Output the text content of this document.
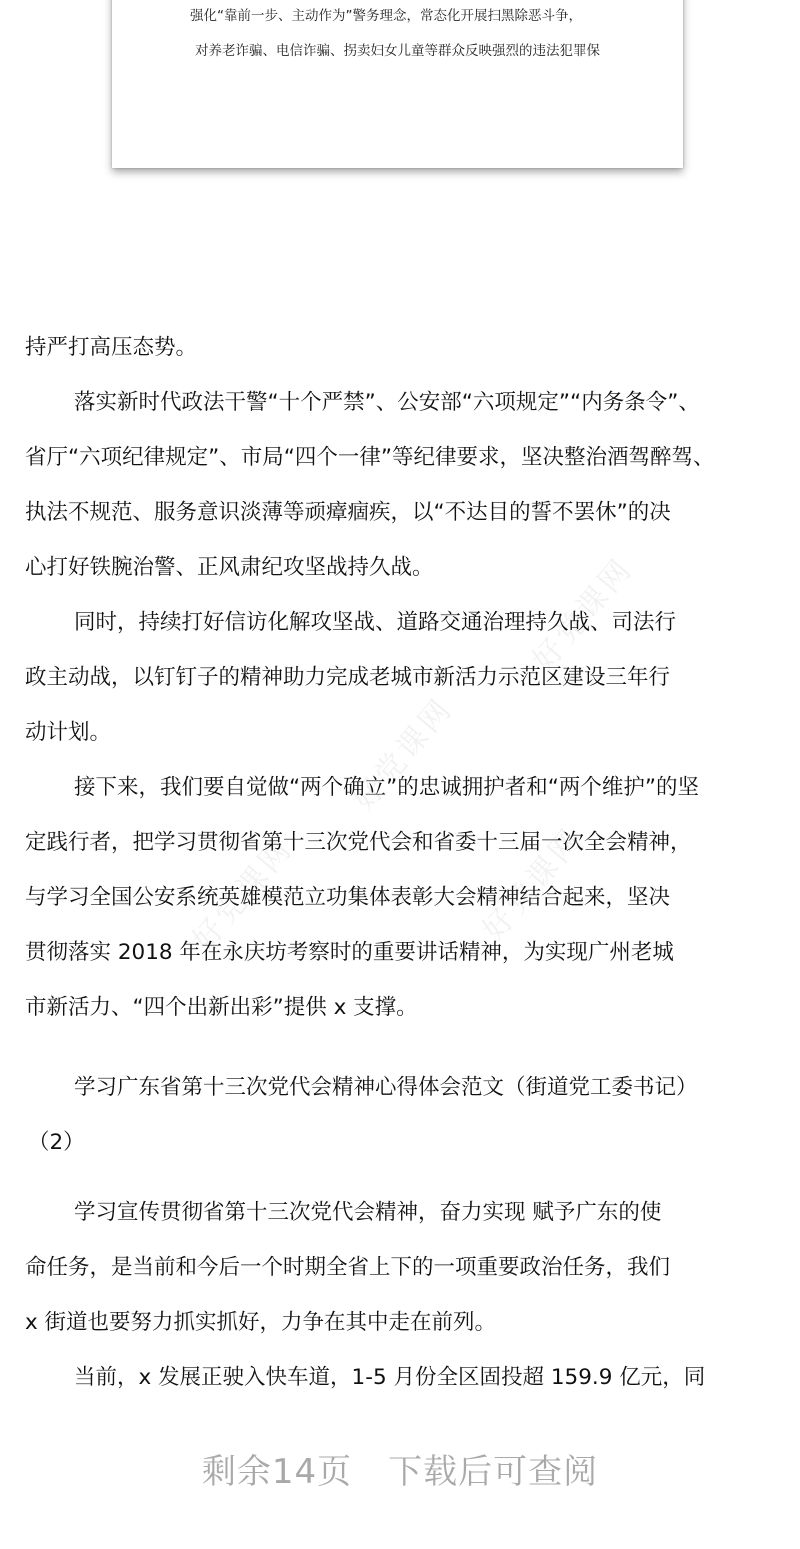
好党课网
好党课网
好党课网	好党课网
强化“靠前一步、主动作为”警务理念，常态化开展扫黑除恶斗争，
对养老诈骗、电信诈骗、拐卖妇女儿童等群众反映强烈的违法犯罪保
持严打高压态势。
落实新时代政法干警“十个严禁”、公安部“六项规定”“内务条令”、
省厅“六项纪律规定”、市局“四个一律”等纪律要求，坚决整治酒驾醉驾、
执法不规范、服务意识淡薄等顽瘴痼疾，以“不达目的誓不罢休”的决
心打好铁腕治警、正风肃纪攻坚战持久战。
同时，持续打好信访化解攻坚战、道路交通治理持久战、司法行
政主动战，以钉钉子的精神助力完成老城市新活力示范区建设三年行
动计划。
接下来，我们要自觉做“两个确立”的忠诚拥护者和“两个维护”的坚
定践行者，把学习贯彻省第十三次党代会和省委十三届一次全会精神，
与学习全国公安系统英雄模范立功集体表彰大会精神结合起来，坚决
贯彻落实 2018 年在永庆坊考察时的重要讲话精神，为实现广州老城
市新活力、“四个出新出彩”提供 x 支撑。
学习广东省第十三次党代会精神心得体会范文（街道党工委书记）
（2）
学习宣传贯彻省第十三次党代会精神，奋力实现 赋予广东的使
命任务，是当前和今后一个时期全省上下的一项重要政治任务，我们
x 街道也要努力抓实抓好，力争在其中走在前列。
当前，x 发展正驶入快车道，1-5 月份全区固投超 159.9 亿元，同
剩余14页 下载后可查阅
